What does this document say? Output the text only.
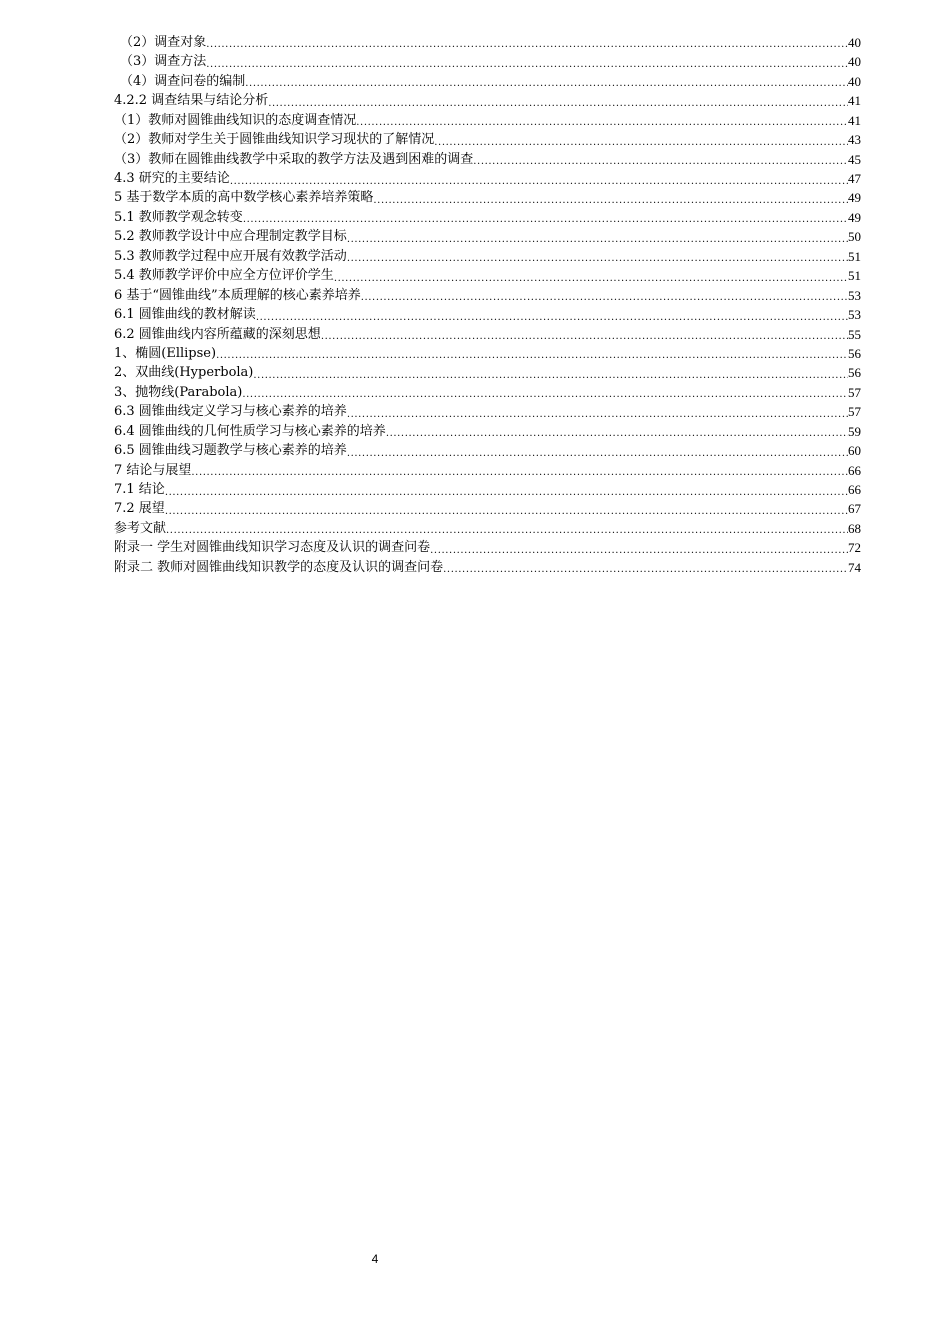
（2）调查对象 .....	40
（3）调查方法 .....	40
（4）调查问卷的编制 .....	40
4.2.2 调查结果与结论分析 .....	41
（1）教师对圆锥曲线知识的态度调查情况 .....	41
（2）教师对学生关于圆锥曲线知识学习现状的了解情况 .....	43
（3）教师在圆锥曲线教学中采取的教学方法及遇到困难的调查 .....	45
4.3 研究的主要结论 .....	47
5 基于数学本质的高中数学核心素养培养策略 .....	49
5.1 教师教学观念转变 .....	49
5.2 教师教学设计中应合理制定教学目标 .....	50
5.3 教师教学过程中应开展有效教学活动 .....	51
5.4 教师教学评价中应全方位评价学生 .....	51
6 基于“圆锥曲线”本质理解的核心素养培养 .....	53
6.1 圆锥曲线的教材解读 .....	53
6.2 圆锥曲线内容所蕴藏的深刻思想 .....	55
1、椭圆(Ellipse) .....	56
2、双曲线(Hyperbola) .....	56
3、抛物线(Parabola) .....	57
6.3 圆锥曲线定义学习与核心素养的培养 .....	57
6.4 圆锥曲线的几何性质学习与核心素养的培养 .....	59
6.5 圆锥曲线习题教学与核心素养的培养 .....	60
7 结论与展望 .....	66
7.1 结论 .....	66
7.2 展望 .....	67
参考文献 .....	68
附录一 学生对圆锥曲线知识学习态度及认识的调查问卷 .....	72
附录二 教师对圆锥曲线知识教学的态度及认识的调查问卷 .....	74
4
